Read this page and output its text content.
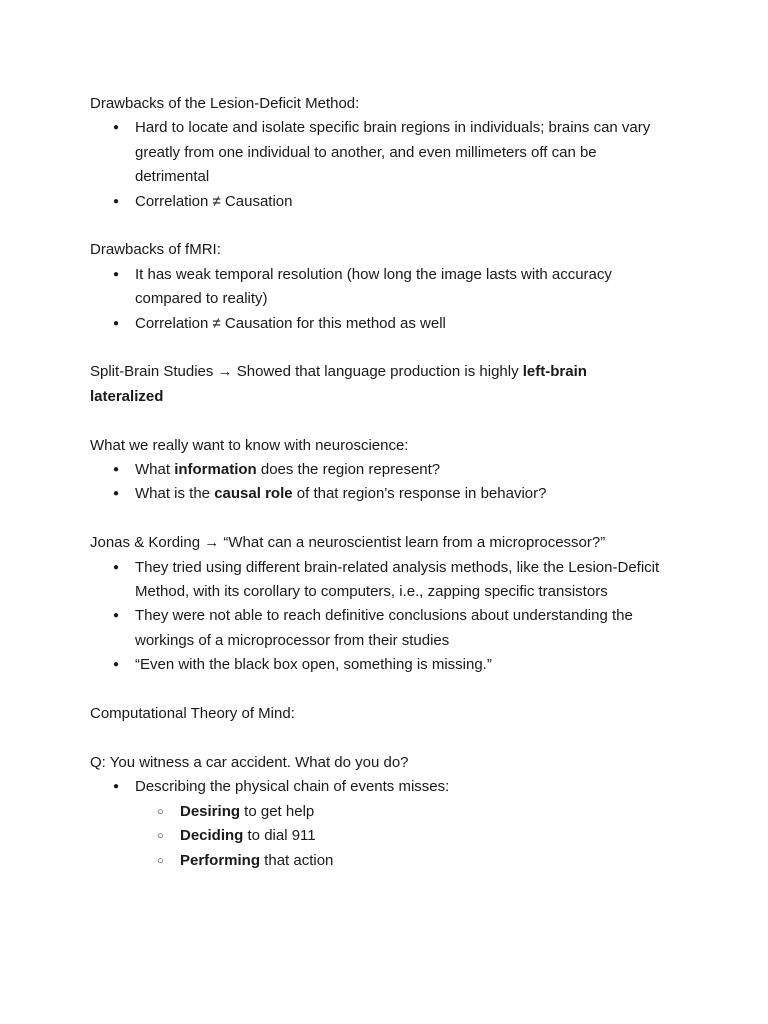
Drawbacks of the Lesion-Deficit Method:

● Hard to locate and isolate specific brain regions in individuals; brains can vary greatly from one individual to another, and even millimeters off can be detrimental
● Correlation ≠ Causation

Drawbacks of fMRI:

● It has weak temporal resolution (how long the image lasts with accuracy compared to reality)
● Correlation ≠ Causation for this method as well

Split-Brain Studies → Showed that language production is highly left-brain lateralized

What we really want to know with neuroscience:

● What information does the region represent?
● What is the causal role of that region's response in behavior?

Jonas & Kording → “What can a neuroscientist learn from a microprocessor?”

● They tried using different brain-related analysis methods, like the Lesion-Deficit Method, with its corollary to computers, i.e., zapping specific transistors
● They were not able to reach definitive conclusions about understanding the workings of a microprocessor from their studies
● “Even with the black box open, something is missing.”

Computational Theory of Mind:

Q: You witness a car accident. What do you do?

● Describing the physical chain of events misses:
○ Desiring to get help
○ Deciding to dial 911
○ Performing that action
